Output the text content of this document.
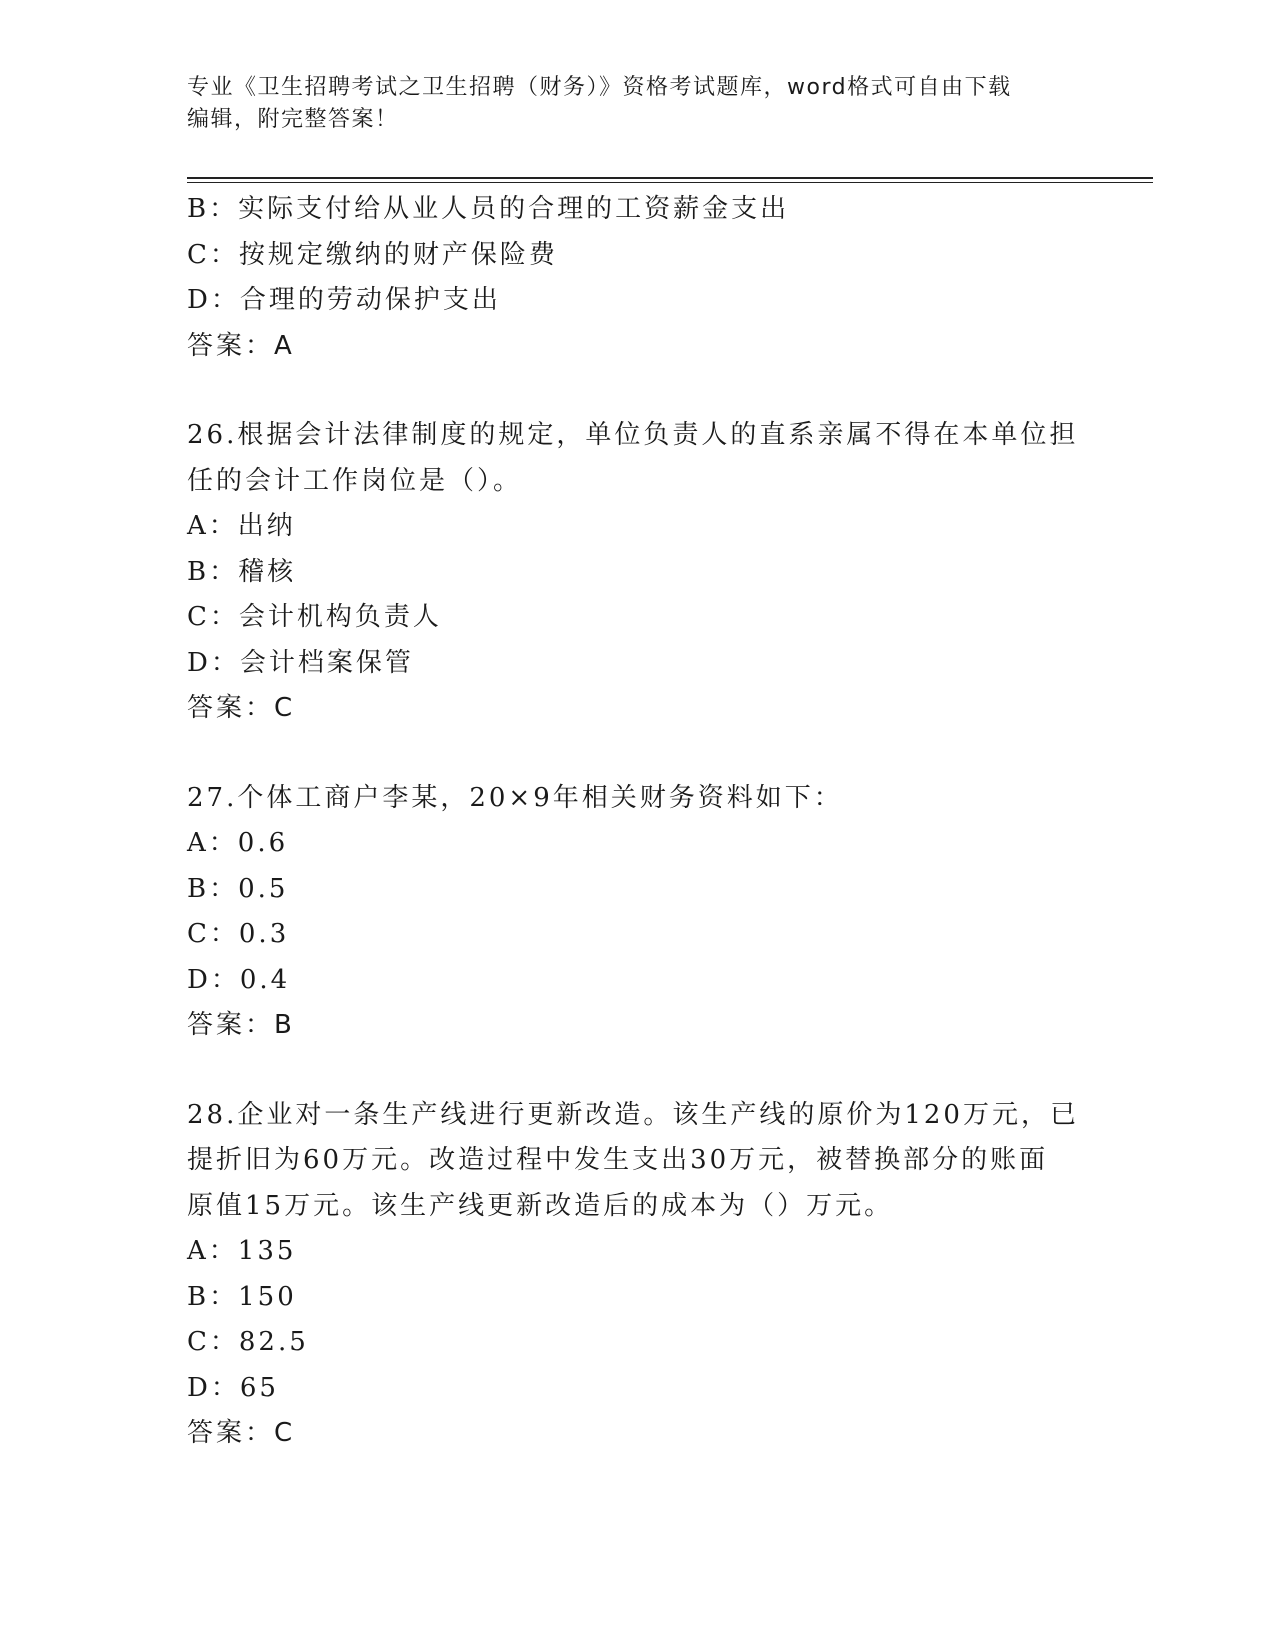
专业《卫生招聘考试之卫生招聘（财务）》资格考试题库，word格式可自由下载
编辑，附完整答案！
B：实际支付给从业人员的合理的工资薪金支出
C：按规定缴纳的财产保险费
D：合理的劳动保护支出
答案：A
26.根据会计法律制度的规定，单位负责人的直系亲属不得在本单位担
任的会计工作岗位是（）。
A：出纳
B：稽核
C：会计机构负责人
D：会计档案保管
答案：C
27.个体工商户李某，20×9年相关财务资料如下：
A：0.6
B：0.5
C：0.3
D：0.4
答案：B
28.企业对一条生产线进行更新改造。该生产线的原价为120万元，已
提折旧为60万元。改造过程中发生支出30万元，被替换部分的账面
原值15万元。该生产线更新改造后的成本为（）万元。
A：135
B：150
C：82.5
D：65
答案：C
